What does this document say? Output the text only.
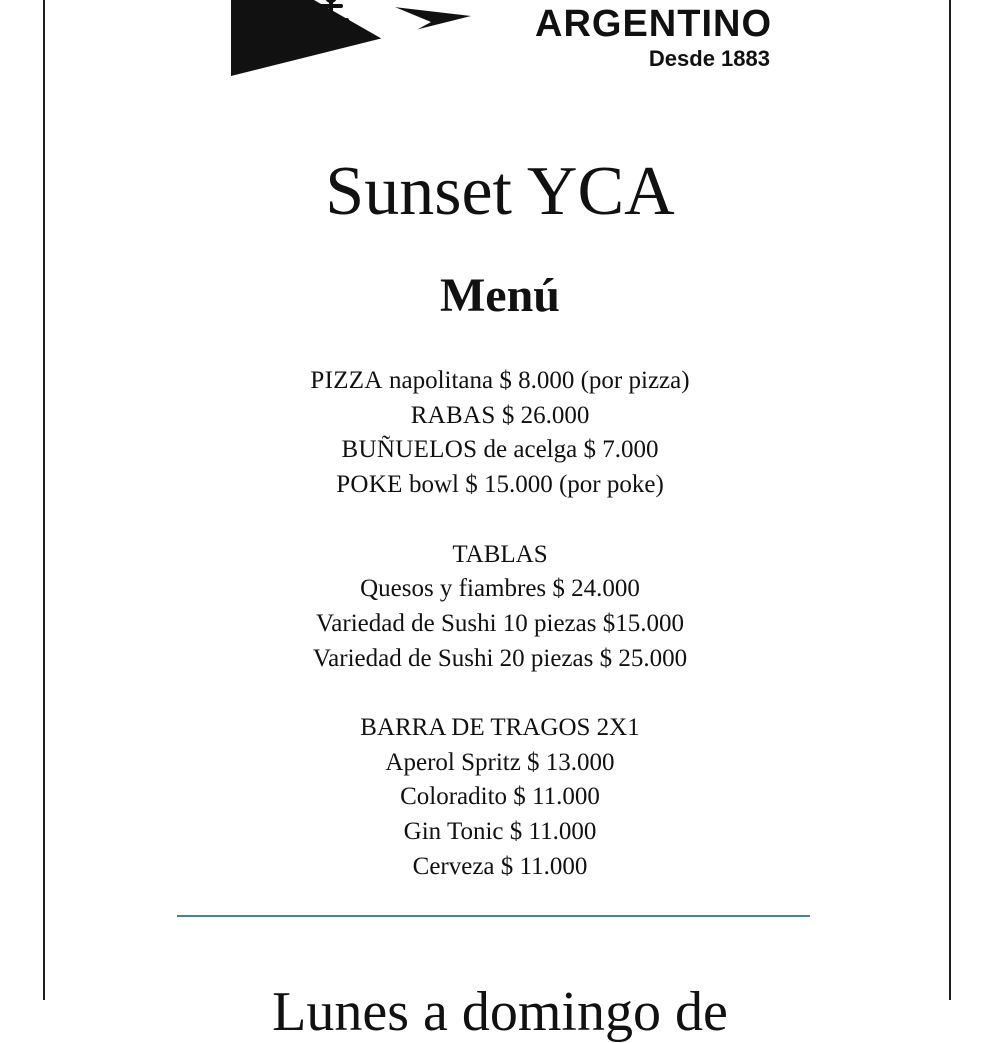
ARGENTINO
Desde 1883
Sunset YCA
Menú
PIZZA napolitana $ 8.000 (por pizza)
RABAS $ 26.000
BUÑUELOS de acelga $ 7.000
POKE bowl $ 15.000 (por poke)
TABLAS
Quesos y fiambres $ 24.000
Variedad de Sushi 10 piezas $15.000
Variedad de Sushi 20 piezas $ 25.000
BARRA DE TRAGOS 2X1
Aperol Spritz $ 13.000
Coloradito $ 11.000
Gin Tonic $ 11.000
Cerveza $ 11.000
Lunes a domingo de
